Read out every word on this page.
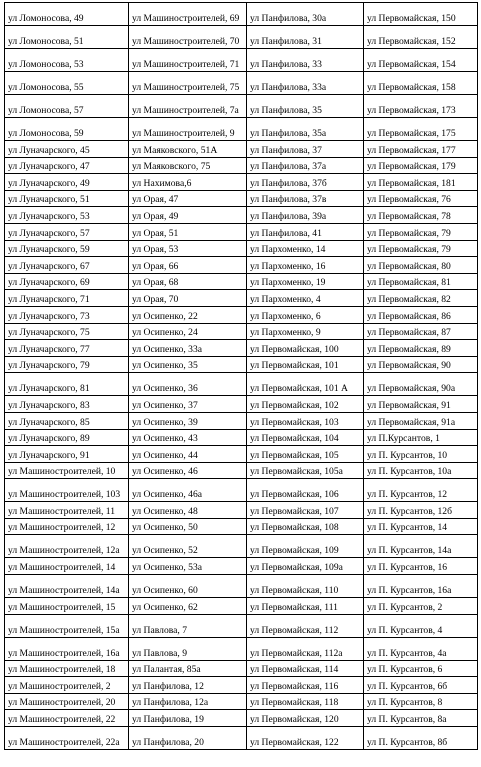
ул Ломоносова, 49	ул Машиностроителей, 69	ул Панфилова, 30а	ул Первомайская, 150
ул Ломоносова, 51	ул Машиностроителей, 70	ул Панфилова, 31	ул Первомайская, 152
ул Ломоносова, 53	ул Машиностроителей, 71	ул Панфилова, 33	ул Первомайская, 154
ул Ломоносова, 55	ул Машиностроителей, 75	ул Панфилова, 33а	ул Первомайская, 158
ул Ломоносова, 57	ул Машиностроителей, 7а	ул Панфилова, 35	ул Первомайская, 173
ул Ломоносова, 59	ул Машиностроителей, 9	ул Панфилова, 35а	ул Первомайская, 175
ул Луначарского, 45	ул Маяковского, 51А	ул Панфилова, 37	ул Первомайская, 177
ул Луначарского, 47	ул Маяковского, 75	ул Панфилова, 37а	ул Первомайская, 179
ул Луначарского, 49	ул Нахимова,6	ул Панфилова, 37б	ул Первомайская, 181
ул Луначарского, 51	ул Орая, 47	ул Панфилова, 37в	ул Первомайская, 76
ул Луначарского, 53	ул Орая, 49	ул Панфилова, 39а	ул Первомайская, 78
ул Луначарского, 57	ул Орая, 51	ул Панфилова, 41	ул Первомайская, 79
ул Луначарского, 59	ул Орая, 53	ул Пархоменко, 14	ул Первомайская, 79
ул Луначарского, 67	ул Орая, 66	ул Пархоменко, 16	ул Первомайская, 80
ул Луначарского, 69	ул Орая, 68	ул Пархоменко, 19	ул Первомайская, 81
ул Луначарского, 71	ул Орая, 70	ул Пархоменко, 4	ул Первомайская, 82
ул Луначарского, 73	ул Осипенко, 22	ул Пархоменко, 6	ул Первомайская, 86
ул Луначарского, 75	ул Осипенко, 24	ул Пархоменко, 9	ул Первомайская, 87
ул Луначарского, 77	ул Осипенко, 33а	ул Первомайская, 100	ул Первомайская, 89
ул Луначарского, 79	ул Осипенко, 35	ул Первомайская, 101	ул Первомайская, 90
ул Луначарского, 81	ул Осипенко, 36	ул Первомайская, 101 А	ул Первомайская, 90а
ул Луначарского, 83	ул Осипенко, 37	ул Первомайская, 102	ул Первомайская, 91
ул Луначарского, 85	ул Осипенко, 39	ул Первомайская, 103	ул Первомайская, 91а
ул Луначарского, 89	ул Осипенко, 43	ул Первомайская, 104	ул П.Курсантов, 1
ул Луначарского, 91	ул Осипенко, 44	ул Первомайская, 105	ул П. Курсантов, 10
ул Машиностроителей, 10	ул Осипенко, 46	ул Первомайская, 105а	ул П. Курсантов, 10а
ул Машиностроителей, 103	ул Осипенко, 46а	ул Первомайская, 106	ул П. Курсантов, 12
ул Машиностроителей, 11	ул Осипенко, 48	ул Первомайская, 107	ул П. Курсантов, 12б
ул Машиностроителей, 12	ул Осипенко, 50	ул Первомайская, 108	ул П. Курсантов, 14
ул Машиностроителей, 12а	ул Осипенко, 52	ул Первомайская, 109	ул П. Курсантов, 14а
ул Машиностроителей, 14	ул Осипенко, 53а	ул Первомайская, 109а	ул П. Курсантов, 16
ул Машиностроителей, 14а	ул Осипенко, 60	ул Первомайская, 110	ул П. Курсантов, 16а
ул Машиностроителей, 15	ул Осипенко, 62	ул Первомайская, 111	ул П. Курсантов, 2
ул Машиностроителей, 15а	ул Павлова, 7	ул Первомайская, 112	ул П. Курсантов, 4
ул Машиностроителей, 16а	ул Павлова, 9	ул Первомайская, 112а	ул П. Курсантов, 4а
ул Машиностроителей, 18	ул Палантая, 85а	ул Первомайская, 114	ул П. Курсантов, 6
ул Машиностроителей, 2	ул Панфилова, 12	ул Первомайская, 116	ул П. Курсантов, 6б
ул Машиностроителей, 20	ул Панфилова, 12а	ул Первомайская, 118	ул П. Курсантов, 8
ул Машиностроителей, 22	ул Панфилова, 19	ул Первомайская, 120	ул П. Курсантов, 8а
ул Машиностроителей, 22а	ул Панфилова, 20	ул Первомайская, 122	ул П. Курсантов, 8б
